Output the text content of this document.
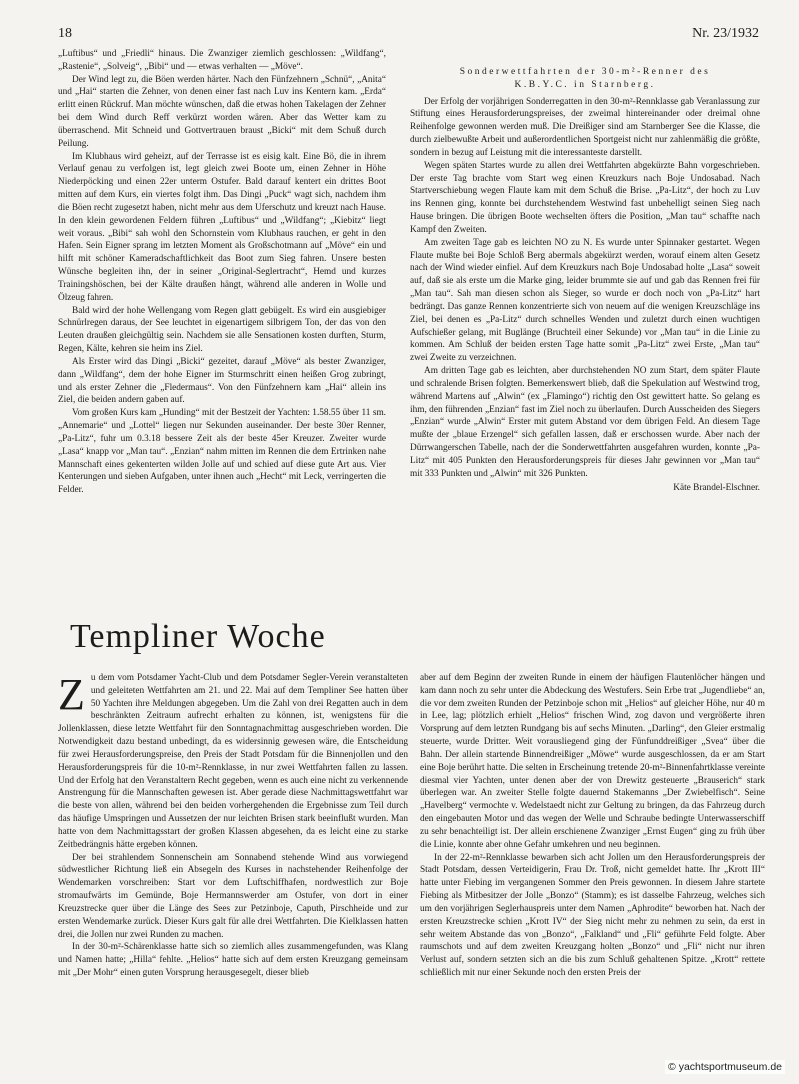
18	Nr. 23/1932

„Luftibus“ und „Friedli“ hinaus. Die Zwanziger ziemlich geschlossen: „Wildfang“, „Rastenie“, „Solveig“, „Bibi“ und — etwas verhalten — „Möve“.

Der Wind legt zu, die Böen werden härter. Nach den Fünfzehnern „Schnü“, „Anita“ und „Hai“ starten die Zehner, von denen einer fast nach Luv ins Kentern kam. „Erda“ erlitt einen Rückruf. Man möchte wünschen, daß die etwas hohen Takelagen der Zehner bei dem Wind durch Reff verkürzt worden wären. Aber das Wetter kam zu überraschend. Mit Schneid und Gottvertrauen braust „Bicki“ mit dem Schuß durch Peilung.

Im Klubhaus wird geheizt, auf der Terrasse ist es eisig kalt. Eine Bö, die in ihrem Verlauf genau zu verfolgen ist, legt gleich zwei Boote um, einen Zehner in Höhe Niederpöcking und einen 22er unterm Ostufer. Bald darauf kentert ein drittes Boot mitten auf dem Kurs, ein viertes folgt ihm. Das Dingi „Puck“ wagt sich, nachdem ihm die Böen recht zugesetzt haben, nicht mehr aus dem Uferschutz und kreuzt nach Hause. In den klein gewordenen Feldern führen „Luftibus“ und „Wildfang“; „Kiebitz“ liegt weit voraus. „Bibi“ sah wohl den Schornstein vom Klubhaus rauchen, er geht in den Hafen. Sein Eigner sprang im letzten Moment als Großschotmann auf „Möve“ ein und hilft mit schöner Kameradschaftlichkeit das Boot zum Sieg fahren. Unsere besten Wünsche begleiten ihn, der in seiner „Original-Seglertracht“, Hemd und kurzes Trainingshöschen, bei der Kälte draußen hängt, während alle anderen in Wolle und Ölzeug fahren.

Bald wird der hohe Wellengang vom Regen glatt gebügelt. Es wird ein ausgiebiger Schnürlregen daraus, der See leuchtet in eigenartigem silbrigem Ton, der das von den Leuten draußen gleichgültig sein. Nachdem sie alle Sensationen kosten durften, Sturm, Regen, Kälte, kehren sie heim ins Ziel.

Als Erster wird das Dingi „Bicki“ gezeitet, darauf „Möve“ als bester Zwanziger, dann „Wildfang“, dem der hohe Eigner im Sturmschritt einen heißen Grog zubringt, und als erster Zehner die „Fledermaus“. Von den Fünfzehnern kam „Hai“ allein ins Ziel, die beiden andern gaben auf.

Vom großen Kurs kam „Hunding“ mit der Bestzeit der Yachten: 1.58.55 über 11 sm. „Annemarie“ und „Lottel“ liegen nur Sekunden auseinander. Der beste 30er Renner, „Pa-Litz“, fuhr um 0.3.18 bessere Zeit als der beste 45er Kreuzer. Zweiter wurde „Lasa“ knapp vor „Man tau“. „Enzian“ nahm mitten im Rennen die dem Ertrinken nahe Mannschaft eines gekenterten wilden Jolle auf und schied auf diese gute Art aus. Vier Kenterungen und sieben Aufgaben, unter ihnen auch „Hecht“ mit Leck, verringerten die Felder.

Sonderwettfahrten der 30-m²-Renner des
K.B.Y.C. in Starnberg.

Der Erfolg der vorjährigen Sonderregatten in den 30-m²-Rennklasse gab Veranlassung zur Stiftung eines Herausforderungspreises, der zweimal hintereinander oder dreimal ohne Reihenfolge gewonnen werden muß. Die Dreißiger sind am Starnberger See die Klasse, die durch zielbewußte Arbeit und außerordentlichen Sportgeist nicht nur zahlenmäßig die größte, sondern in bezug auf Leistung mit die interessanteste darstellt.

Wegen späten Startes wurde zu allen drei Wettfahrten abgekürzte Bahn vorgeschrieben. Der erste Tag brachte vom Start weg einen Kreuzkurs nach Boje Undosabad. Nach Startverschiebung wegen Flaute kam mit dem Schuß die Brise. „Pa-Litz“, der hoch zu Luv ins Rennen ging, konnte bei durchstehendem Westwind fast unbehelligt seinen Sieg nach Hause bringen. Die übrigen Boote wechselten öfters die Position, „Man tau“ schaffte nach Kampf den Zweiten.

Am zweiten Tage gab es leichten NO zu N. Es wurde unter Spinnaker gestartet. Wegen Flaute mußte bei Boje Schloß Berg abermals abgekürzt werden, worauf einem alten Gesetz nach der Wind wieder einfiel. Auf dem Kreuzkurs nach Boje Undosabad holte „Lasa“ soweit auf, daß sie als erste um die Marke ging, leider brummte sie auf und gab das Rennen frei für „Man tau“. Sah man diesen schon als Sieger, so wurde er doch noch von „Pa-Litz“ hart bedrängt. Das ganze Rennen konzentrierte sich von neuem auf die wenigen Kreuzschläge ins Ziel, bei denen es „Pa-Litz“ durch schnelles Wenden und zuletzt durch einen wuchtigen Aufschießer gelang, mit Buglänge (Bruchteil einer Sekunde) vor „Man tau“ in die Linie zu kommen. Am Schluß der beiden ersten Tage hatte somit „Pa-Litz“ zwei Erste, „Man tau“ zwei Zweite zu verzeichnen.

Am dritten Tage gab es leichten, aber durchstehenden NO zum Start, dem später Flaute und schralende Brisen folgten. Bemerkenswert blieb, daß die Spekulation auf Westwind trog, während Martens auf „Alwin“ (ex „Flamingo“) richtig den Ost gewittert hatte. So gelang es ihm, den führenden „Enzian“ fast im Ziel noch zu überlaufen. Durch Ausscheiden des Siegers „Enzian“ wurde „Alwin“ Erster mit gutem Abstand vor dem übrigen Feld. An diesem Tage mußte der „blaue Erzengel“ sich gefallen lassen, daß er erschossen wurde. Aber nach der Dürrwangerschen Tabelle, nach der die Sonderwettfahrten ausgefahren wurden, konnte „Pa-Litz“ mit 405 Punkten den Herausforderungspreis für dieses Jahr gewinnen vor „Man tau“ mit 333 Punkten und „Alwin“ mit 326 Punkten.

Käte Brandel-Elschner.
Templiner Woche
Z u dem vom Potsdamer Yacht-Club und dem Potsdamer Segler-Verein veranstalteten und geleiteten Wettfahrten am 21. und 22. Mai auf dem Templiner See hatten über 50 Yachten ihre Meldungen abgegeben. Um die Zahl von drei Regatten auch in dem beschränkten Zeitraum aufrecht erhalten zu können, ist, wenigstens für die Jollenklassen, diese letzte Wettfahrt für den Sonntagnachmittag ausgeschrieben worden. Die Notwendigkeit dazu bestand unbedingt, da es widersinnig gewesen wäre, die Entscheidung für zwei Herausforderungspreise, den Preis der Stadt Potsdam für die Binnenjollen und den Herausforderungspreis für die 10-m²-Rennklasse, in nur zwei Wettfahrten fallen zu lassen. Und der Erfolg hat den Veranstaltern Recht gegeben, wenn es auch eine nicht zu verkennende Anstrengung für die Mannschaften gewesen ist. Aber gerade diese Nachmittagswettfahrt war die beste von allen, während bei den beiden vorhergehenden die Ergebnisse zum Teil durch das häufige Umspringen und Aussetzen der nur leichten Brisen stark beeinflußt wurden. Man hatte von dem Nachmittagsstart der großen Klassen abgesehen, da es leicht eine zu starke Zeitbedrängnis hätte ergeben können.

Der bei strahlendem Sonnenschein am Sonnabend stehende Wind aus vorwiegend südwestlicher Richtung ließ ein Absegeln des Kurses in nachstehender Reihenfolge der Wendemarken vorschreiben: Start vor dem Luftschiffhafen, nordwestlich zur Boje stromaufwärts im Gemünde, Boje Hermannswerder am Ostufer, von dort in einer Kreuzstrecke quer über die Länge des Sees zur Petzinboje, Caputh, Pirschheide und zur ersten Wendemarke zurück. Dieser Kurs galt für alle drei Wettfahrten. Die Kielklassen hatten drei, die Jollen nur zwei Runden zu machen.

In der 30-m²-Schärenklasse hatte sich so ziemlich alles zusammengefunden, was Klang und Namen hatte; „Hilla“ fehlte. „Helios“ hatte sich auf dem ersten Kreuzgang gemeinsam mit „Der Mohr“ einen guten Vorsprung herausgesegelt, dieser blieb

aber auf dem Beginn der zweiten Runde in einem der häufigen Flautenlöcher hängen und kam dann noch zu sehr unter die Abdeckung des Westufers. Sein Erbe trat „Jugendliebe“ an, die vor dem zweiten Runden der Petzinboje schon mit „Helios“ auf gleicher Höhe, nur 40 m in Lee, lag; plötzlich erhielt „Helios“ frischen Wind, zog davon und vergrößerte ihren Vorsprung auf dem letzten Rundgang bis auf sechs Minuten. „Darling“, den Gleier erstmalig steuerte, wurde Dritter. Weit vorausliegend ging der Fünfunddreißiger „Svea“ über die Bahn. Der allein startende Binnendreißiger „Möwe“ wurde ausgeschlossen, da er am Start eine Boje berührt hatte. Die selten in Erscheinung tretende 20-m²-Binnenfahrtklasse vereinte diesmal vier Yachten, unter denen aber der von Drewitz gesteuerte „Brauserich“ stark überlegen war. An zweiter Stelle folgte dauernd Stakemanns „Der Zwiebelfisch“. Seine „Havelberg“ vermochte v. Wedelstaedt nicht zur Geltung zu bringen, da das Fahrzeug durch den eingebauten Motor und das wegen der Welle und Schraube bedingte Unterwasserschiff zu sehr benachteiligt ist. Der allein erschienene Zwanziger „Ernst Eugen“ ging zu früh über die Linie, konnte aber ohne Gefahr umkehren und neu beginnen.

In der 22-m²-Rennklasse bewarben sich acht Jollen um den Herausforderungspreis der Stadt Potsdam, dessen Verteidigerin, Frau Dr. Troß, nicht gemeldet hatte. Ihr „Krott III“ hatte unter Fiebing im vergangenen Sommer den Preis gewonnen. In diesem Jahre startete Fiebing als Mitbesitzer der Jolle „Bonzo“ (Stamm); es ist dasselbe Fahrzeug, welches sich um den vorjährigen Seglerhauspreis unter dem Namen „Aphrodite“ beworben hat. Nach der ersten Kreuzstrecke schien „Krott IV“ der Sieg nicht mehr zu nehmen zu sein, da erst in sehr weitem Abstande das von „Bonzo“, „Falkland“ und „Fli“ geführte Feld folgte. Aber raumschots und auf dem zweiten Kreuzgang holten „Bonzo“ und „Fli“ nicht nur ihren Verlust auf, sondern setzten sich an die bis zum Schluß gehaltenen Spitze. „Krott“ rettete schließlich mit nur einer Sekunde noch den ersten Preis der

© yachtsportmuseum.de
